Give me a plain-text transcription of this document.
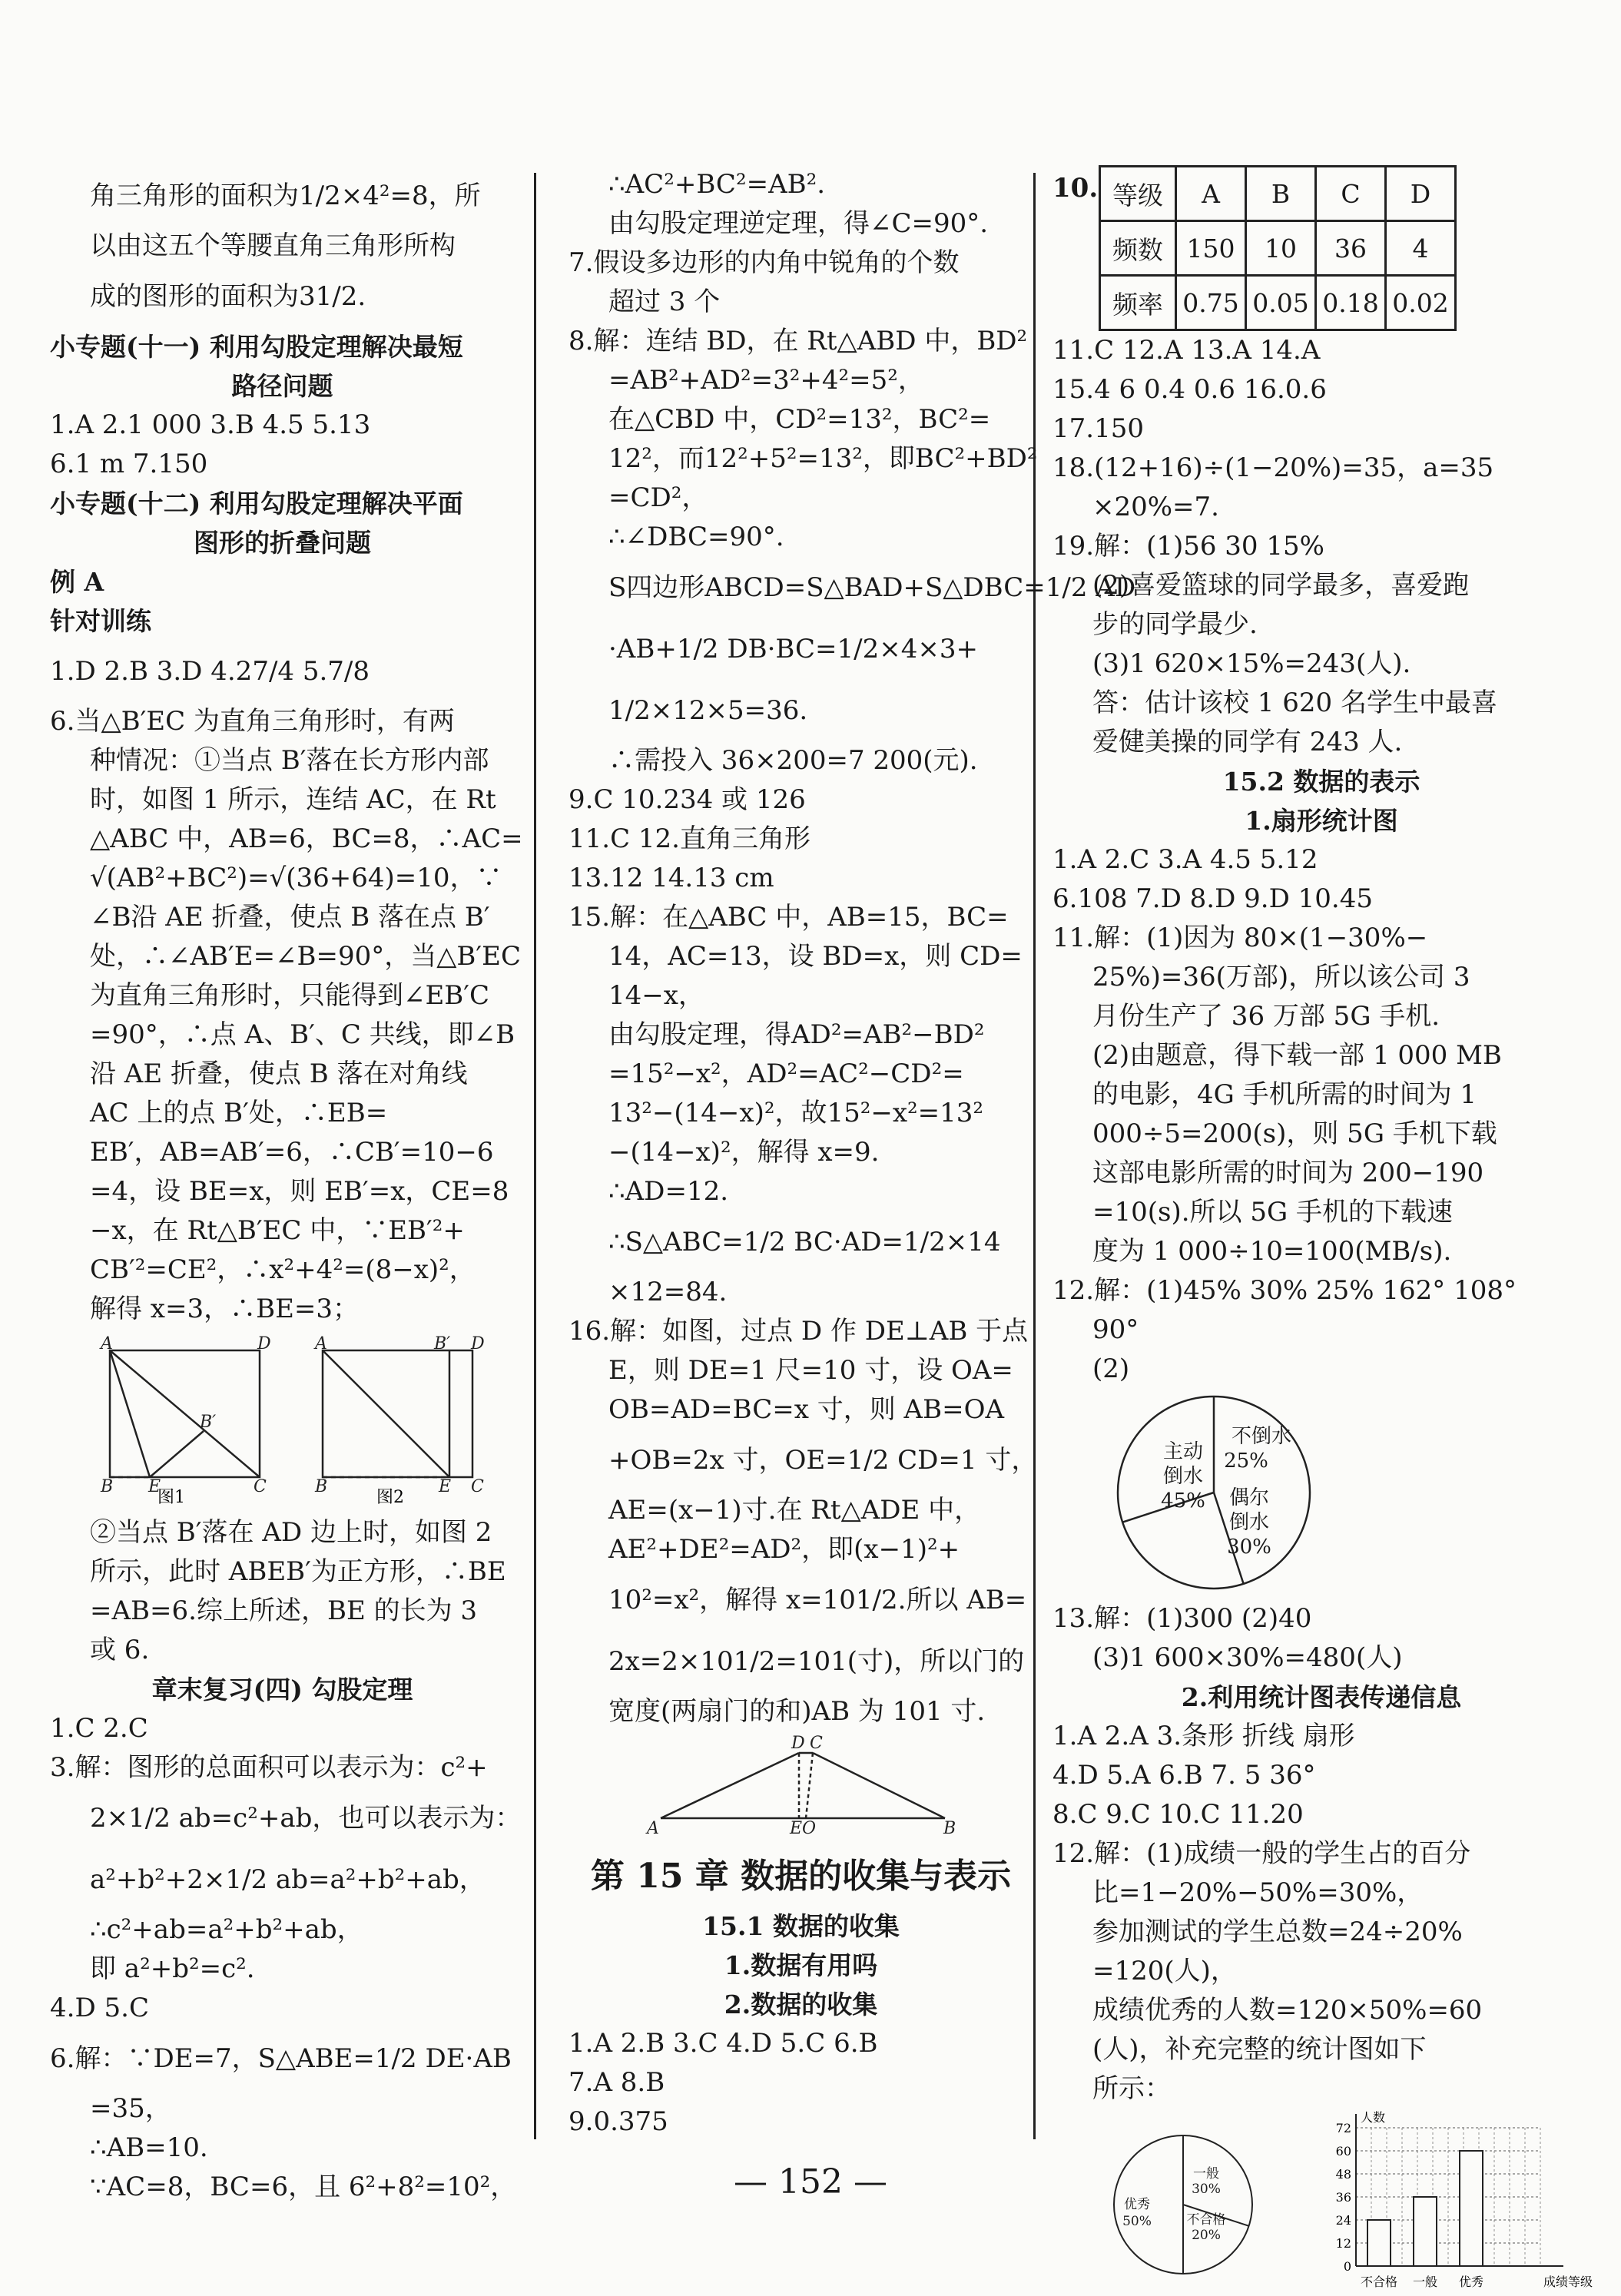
角三角形的面积为1/2×4²=8，所
以由这五个等腰直角三角形所构
成的图形的面积为31/2.
小专题(十一) 利用勾股定理解决最短
路径问题
1.A 2.1 000 3.B 4.5 5.13
6.1 m 7.150
小专题(十二) 利用勾股定理解决平面
图形的折叠问题
例 A
针对训练
1.D 2.B 3.D 4.27/4 5.7/8
6.当△B′EC 为直角三角形时，有两
种情况：①当点 B′落在长方形内部
时，如图 1 所示，连结 AC，在 Rt
△ABC 中，AB=6，BC=8，∴AC=
√(AB²+BC²)=√(36+64)=10，∵
∠B沿 AE 折叠，使点 B 落在点 B′
处，∴∠AB′E=∠B=90°，当△B′EC
为直角三角形时，只能得到∠EB′C
=90°，∴点 A、B′、C 共线，即∠B
沿 AE 折叠，使点 B 落在对角线
AC 上的点 B′处，∴EB=
EB′，AB=AB′=6，∴CB′=10−6
=4，设 BE=x，则 EB′=x，CE=8
−x，在 Rt△B′EC 中，∵EB′²+
CB′²=CE²，∴x²+4²=(8−x)²，
解得 x=3，∴BE=3；
A	D
B′
B E	C
A	B′ D
B	E C
图1	图2
②当点 B′落在 AD 边上时，如图 2
所示，此时 ABEB′为正方形，∴BE
=AB=6.综上所述，BE 的长为 3
或 6.
章末复习(四) 勾股定理
1.C 2.C
3.解：图形的总面积可以表示为：c²+
2×1/2 ab=c²+ab，也可以表示为：
a²+b²+2×1/2 ab=a²+b²+ab，
∴c²+ab=a²+b²+ab，
即 a²+b²=c².
4.D 5.C
6.解：∵DE=7，S△ABE=1/2 DE·AB
=35，
∴AB=10.
∵AC=8，BC=6，且 6²+8²=10²，
∴AC²+BC²=AB².
由勾股定理逆定理，得∠C=90°.
7.假设多边形的内角中锐角的个数
超过 3 个
8.解：连结 BD，在 Rt△ABD 中，BD²
=AB²+AD²=3²+4²=5²，
在△CBD 中，CD²=13²，BC²=
12²，而12²+5²=13²，即BC²+BD²
=CD²，
∴∠DBC=90°.
S四边形ABCD=S△BAD+S△DBC=1/2 AD
·AB+1/2 DB·BC=1/2×4×3+
1/2×12×5=36.
∴需投入 36×200=7 200(元).
9.C 10.234 或 126
11.C 12.直角三角形
13.12 14.13 cm
15.解：在△ABC 中，AB=15，BC=
14，AC=13，设 BD=x，则 CD=
14−x，
由勾股定理，得AD²=AB²−BD²
=15²−x²，AD²=AC²−CD²=
13²−(14−x)²，故15²−x²=13²
−(14−x)²，解得 x=9.
∴AD=12.
∴S△ABC=1/2 BC·AD=1/2×14
×12=84.
16.解：如图，过点 D 作 DE⊥AB 于点
E，则 DE=1 尺=10 寸，设 OA=
OB=AD=BC=x 寸，则 AB=OA
+OB=2x 寸，OE=1/2 CD=1 寸，
AE=(x−1)寸.在 Rt△ADE 中，
AE²+DE²=AD²，即(x−1)²+
10²=x²，解得 x=101/2.所以 AB=
2x=2×101/2=101(寸)，所以门的
宽度(两扇门的和)AB 为 101 寸.
A
D C
EO	B
第 15 章 数据的收集与表示
15.1 数据的收集
1.数据有用吗
2.数据的收集
1.A 2.B 3.C 4.D 5.C 6.B
7.A 8.B
9.0.375
10. 等级	A	B	C	D
频数	150	10	36	4
频率	0.75	0.05	0.18	0.02
11.C 12.A 13.A 14.A
15.4 6 0.4 0.6 16.0.6
17.150
18.(12+16)÷(1−20%)=35，a=35
×20%=7.
19.解：(1)56 30 15%
(2)喜爱篮球的同学最多，喜爱跑
步的同学最少.
(3)1 620×15%=243(人).
答：估计该校 1 620 名学生中最喜
爱健美操的同学有 243 人.
15.2 数据的表示
1.扇形统计图
1.A 2.C 3.A 4.5 5.12
6.108 7.D 8.D 9.D 10.45
11.解：(1)因为 80×(1−30%−
25%)=36(万部)，所以该公司 3
月份生产了 36 万部 5G 手机.
(2)由题意，得下载一部 1 000 MB
的电影，4G 手机所需的时间为 1
000÷5=200(s)，则 5G 手机下载
这部电影所需的时间为 200−190
=10(s).所以 5G 手机的下载速
度为 1 000÷10=100(MB/s).
12.解：(1)45% 30% 25% 162° 108°
90°
(2)
主动
倒水
45%
不倒水
25%
偶尔
倒水
30%
13.解：(1)300 (2)40
(3)1 600×30%=480(人)
2.利用统计图表传递信息
1.A 2.A 3.条形 折线 扇形
4.D 5.A 6.B 7. 5 36°
8.C 9.C 10.C 11.20
12.解：(1)成绩一般的学生占的百分
比=1−20%−50%=30%，
参加测试的学生总数=24÷20%
=120(人)，
成绩优秀的人数=120×50%=60
(人)，补充完整的统计图如下
所示：
一般
30%
不合格
20%
优秀
50%
0
12
24
36
48
60
72
人数
成绩等级
不合格 一般 优秀
— 152 —
